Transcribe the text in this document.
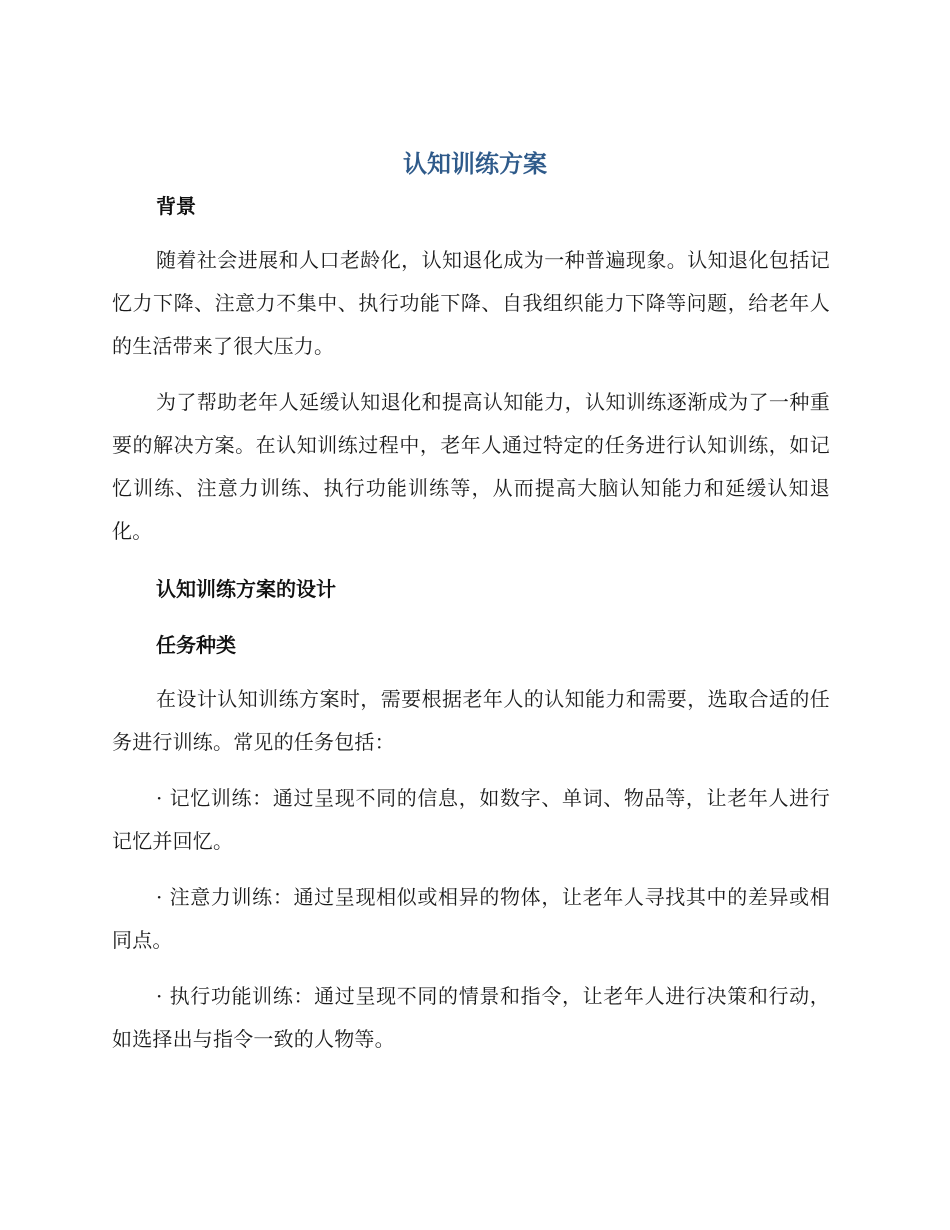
认知训练方案
背景

随着社会进展和人口老龄化，认知退化成为一种普遍现象。认知退化包括记忆力下降、注意力不集中、执行功能下降、自我组织能力下降等问题，给老年人的生活带来了很大压力。

为了帮助老年人延缓认知退化和提高认知能力，认知训练逐渐成为了一种重要的解决方案。在认知训练过程中，老年人通过特定的任务进行认知训练，如记忆训练、注意力训练、执行功能训练等，从而提高大脑认知能力和延缓认知退化。

认知训练方案的设计
任务种类

在设计认知训练方案时，需要根据老年人的认知能力和需要，选取合适的任务进行训练。常见的任务包括：

· 记忆训练：通过呈现不同的信息，如数字、单词、物品等，让老年人进行记忆并回忆。

· 注意力训练：通过呈现相似或相异的物体，让老年人寻找其中的差异或相同点。

· 执行功能训练：通过呈现不同的情景和指令，让老年人进行决策和行动，如选择出与指令一致的人物等。
